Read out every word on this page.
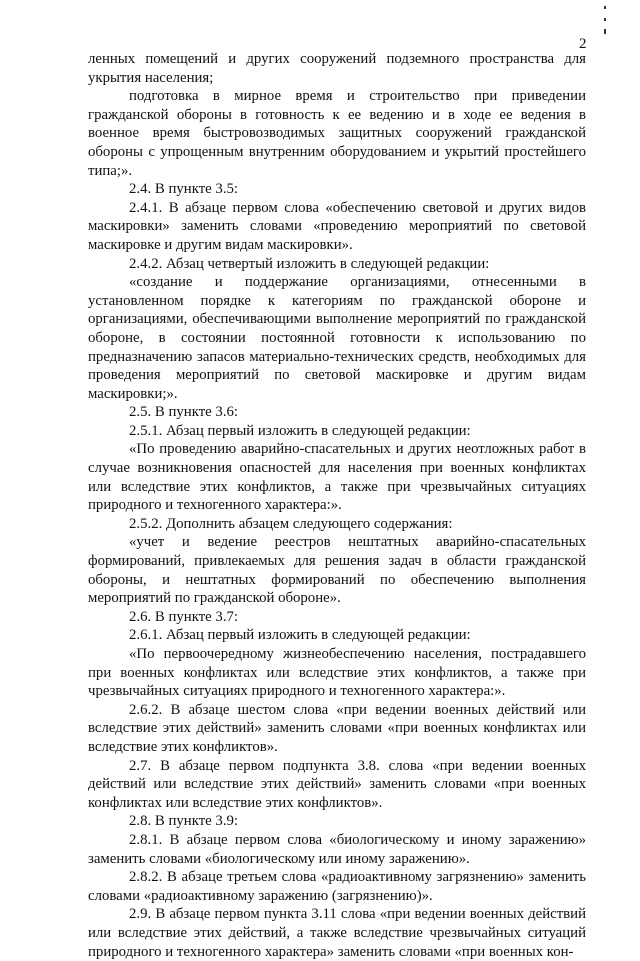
2

ленных помещений и других сооружений подземного пространства для укрытия населения;

подготовка в мирное время и строительство при приведении гражданской обороны в готовность к ее ведению и в ходе ее ведения в военное время быстровозводимых защитных сооружений гражданской обороны с упрощенным внутренним оборудованием и укрытий простейшего типа;».

2.4. В пункте 3.5:

2.4.1. В абзаце первом слова «обеспечению световой и других видов маскировки» заменить словами «проведению мероприятий по световой маскировке и другим видам маскировки».

2.4.2. Абзац четвертый изложить в следующей редакции:

«создание и поддержание организациями, отнесенными в установленном порядке к категориям по гражданской обороне и организациями, обеспечивающими выполнение мероприятий по гражданской обороне, в состоянии постоянной готовности к использованию по предназначению запасов материально-технических средств, необходимых для проведения мероприятий по световой маскировке и другим видам маскировки;».

2.5. В пункте 3.6:

2.5.1. Абзац первый изложить в следующей редакции:

«По проведению аварийно-спасательных и других неотложных работ в случае возникновения опасностей для населения при военных конфликтах или вследствие этих конфликтов, а также при чрезвычайных ситуациях природного и техногенного характера:».

2.5.2. Дополнить абзацем следующего содержания:

«учет и ведение реестров нештатных аварийно-спасательных формирований, привлекаемых для решения задач в области гражданской обороны, и нештатных формирований по обеспечению выполнения мероприятий по гражданской обороне».

2.6. В пункте 3.7:

2.6.1. Абзац первый изложить в следующей редакции:

«По первоочередному жизнеобеспечению населения, пострадавшего при военных конфликтах или вследствие этих конфликтов, а также при чрезвычайных ситуациях природного и техногенного характера:».

2.6.2. В абзаце шестом слова «при ведении военных действий или вследствие этих действий» заменить словами «при военных конфликтах или вследствие этих конфликтов».

2.7. В абзаце первом подпункта 3.8. слова «при ведении военных действий или вследствие этих действий» заменить словами «при военных конфликтах или вследствие этих конфликтов».

2.8. В пункте 3.9:

2.8.1. В абзаце первом слова «биологическому и иному заражению» заменить словами «биологическому или иному заражению».

2.8.2. В абзаце третьем слова «радиоактивному загрязнению» заменить словами «радиоактивному заражению (загрязнению)».

2.9. В абзаце первом пункта 3.11 слова «при ведении военных действий или вследствие этих действий, а также вследствие чрезвычайных ситуаций природного и техногенного характера» заменить словами «при военных кон-
